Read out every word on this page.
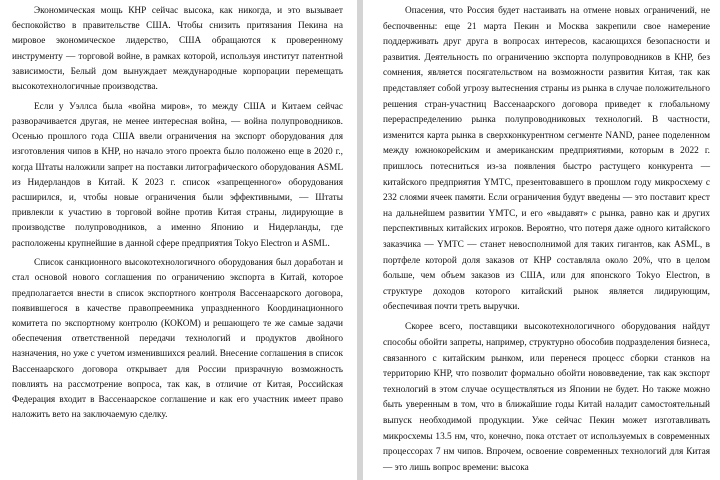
Экономическая мощь КНР сейчас высока, как никогда, и это вызывает беспокойство в правительстве США. Чтобы снизить притязания Пекина на мировое экономическое лидерство, США обращаются к проверенному инструменту — торговой войне, в рамках которой, используя институт патентной зависимости, Белый дом вынуждает международные корпорации перемещать высокотехнологичные производства.

Если у Уэллса была «война миров», то между США и Китаем сейчас разворачивается другая, не менее интересная война, — война полупроводников. Осенью прошлого года США ввели ограничения на экспорт оборудования для изготовления чипов в КНР, но начало этого проекта было положено еще в 2020 г., когда Штаты наложили запрет на поставки литографического оборудования ASML из Нидерландов в Китай. К 2023 г. список «запрещенного» оборудования расширился, и, чтобы новые ограничения были эффективными, — Штаты привлекли к участию в торговой войне против Китая страны, лидирующие в производстве полупроводников, а именно Японию и Нидерланды, где расположены крупнейшие в данной сфере предприятия Tokyo Electron и ASML.

Список санкционного высокотехнологичного оборудования был доработан и стал основой нового соглашения по ограничению экспорта в Китай, которое предполагается внести в список экспортного контроля Вассенаарского договора, появившегося в качестве правопреемника упраздненного Координационного комитета по экспортному контролю (КОКОМ) и решающего те же самые задачи обеспечения ответственной передачи технологий и продуктов двойного назначения, но уже с учетом изменившихся реалий. Внесение соглашения в список Вассенаарского договора открывает для России призрачную возможность повлиять на рассмотрение вопроса, так как, в отличие от Китая, Российская Федерация входит в Вассенаарское соглашение и как его участник имеет право наложить вето на заключаемую сделку.

Опасения, что Россия будет настаивать на отмене новых ограничений, не беспочвенны: еще 21 марта Пекин и Москва закрепили свое намерение поддерживать друг друга в вопросах интересов, касающихся безопасности и развития. Деятельность по ограничению экспорта полупроводников в КНР, без сомнения, является посягательством на возможности развития Китая, так как представляет собой угрозу вытеснения страны из рынка в случае положительного решения стран-участниц Вассенаарского договора приведет к глобальному перераспределению рынка полупроводниковых технологий. В частности, изменится карта рынка в сверхконкурентном сегменте NAND, ранее поделенном между южнокорейским и американским предприятиями, которым в 2022 г. пришлось потесниться из-за появления быстро растущего конкурента — китайского предприятия YMTC, презентовавшего в прошлом году микросхему с 232 слоями ячеек памяти. Если ограничения будут введены — это поставит крест на дальнейшем развитии YMTC, и его «выдавят» с рынка, равно как и других перспективных китайских игроков. Вероятно, что потеря даже одного китайского заказчика — YMTC — станет невосполнимой для таких гигантов, как ASML, в портфеле которой доля заказов от КНР составляла около 20%, что в целом больше, чем объем заказов из США, или для японского Tokyo Electron, в структуре доходов которого китайский рынок является лидирующим, обеспечивая почти треть выручки.

Скорее всего, поставщики высокотехнологичного оборудования найдут способы обойти запреты, например, структурно обособив подразделения бизнеса, связанного с китайским рынком, или перенеся процесс сборки станков на территорию КНР, что позволит формально обойти нововведение, так как экспорт технологий в этом случае осуществляться из Японии не будет. Но также можно быть уверенным в том, что в ближайшие годы Китай наладит самостоятельный выпуск необходимой продукции. Уже сейчас Пекин может изготавливать микросхемы 13.5 нм, что, конечно, пока отстает от используемых в современных процессорах 7 нм чипов. Впрочем, освоение современных технологий для Китая — это лишь вопрос времени: высока
